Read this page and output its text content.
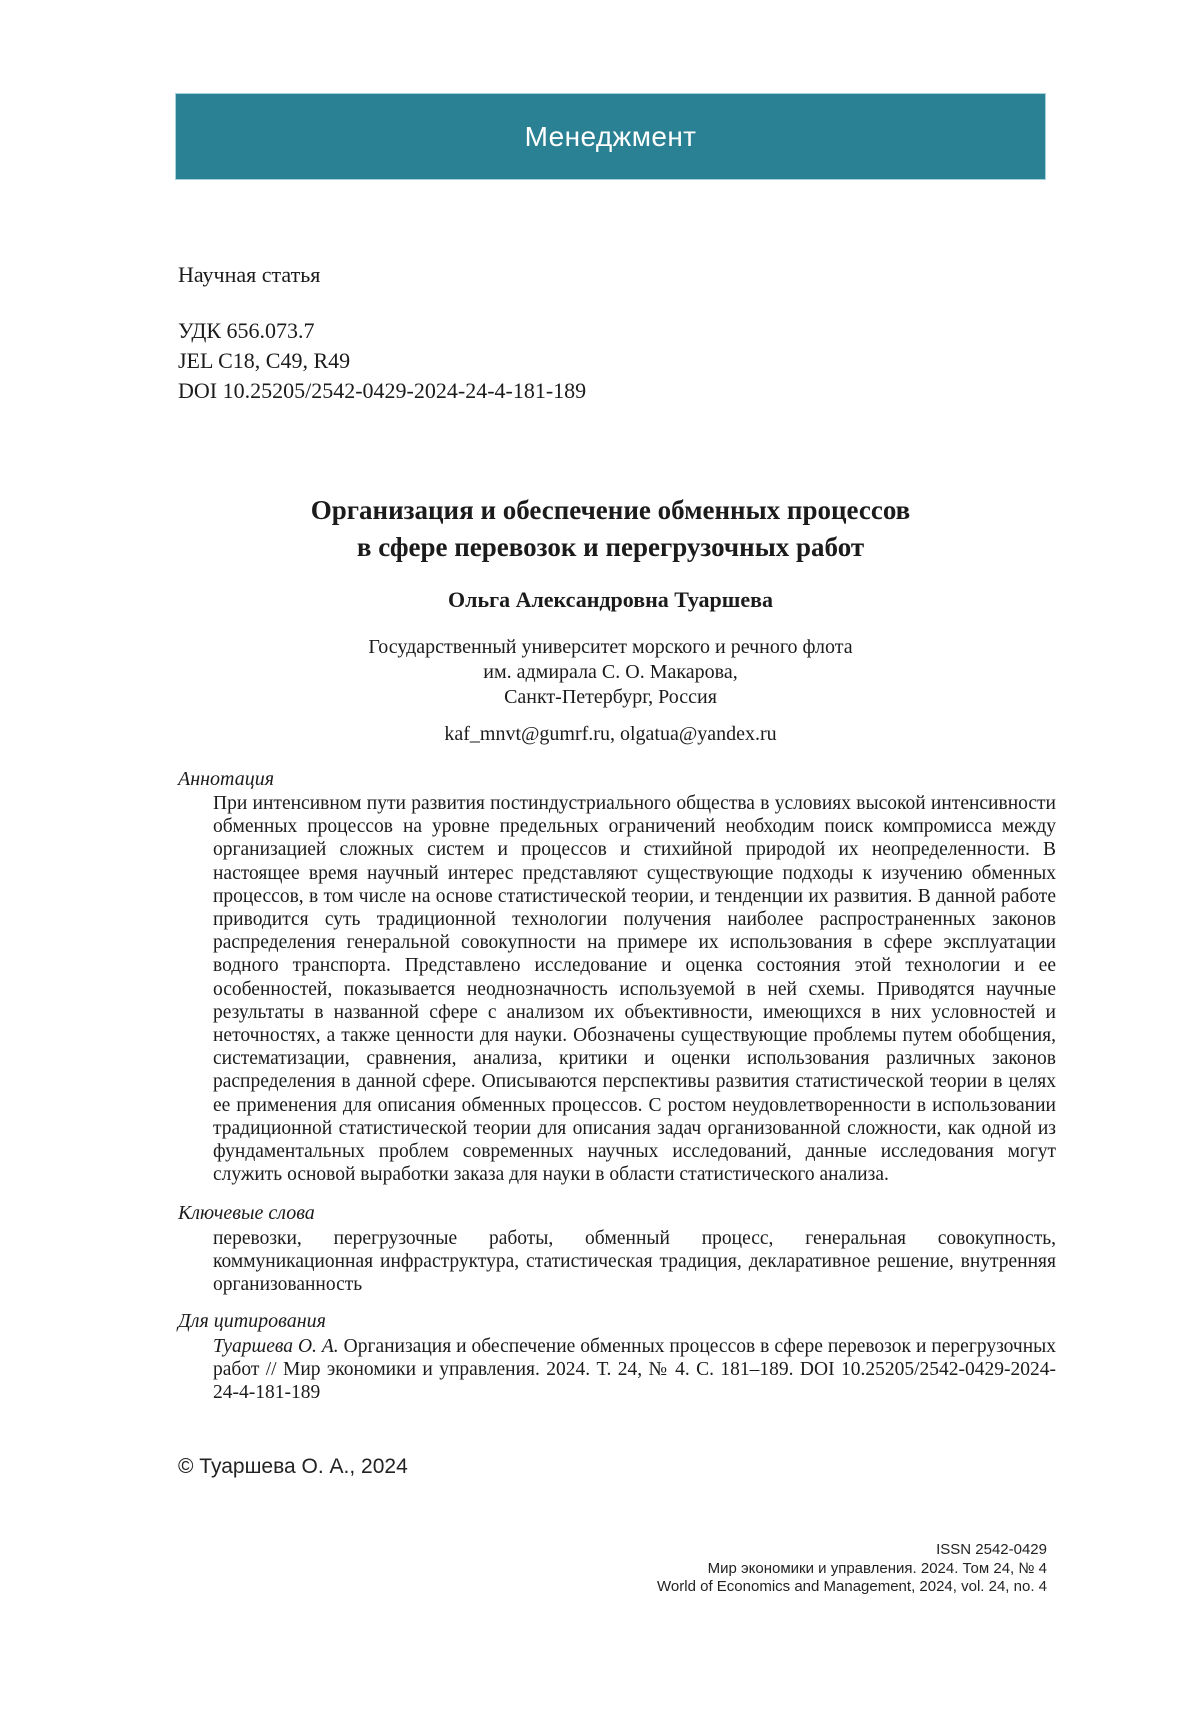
Менеджмент
Научная статья
УДК 656.073.7
JEL C18, C49, R49
DOI 10.25205/2542-0429-2024-24-4-181-189
Организация и обеспечение обменных процессов
в сфере перевозок и перегрузочных работ
Ольга Александровна Туаршева
Государственный университет морского и речного флота
им. адмирала С. О. Макарова,
Санкт-Петербург, Россия
kaf_mnvt@gumrf.ru, olgatua@yandex.ru
Аннотация

При интенсивном пути развития постиндустриального общества в условиях высокой интенсивности обменных процессов на уровне предельных ограничений необходим поиск компромисса между организацией сложных систем и процессов и стихийной природой их неопределенности. В настоящее время научный интерес представляют существующие подходы к изучению обменных процессов, в том числе на основе статистической теории, и тенденции их развития. В данной работе приводится суть традиционной технологии получения наиболее распространенных законов распределения генеральной совокупности на примере их использования в сфере эксплуатации водного транспорта. Представлено исследование и оценка состояния этой технологии и ее особенностей, показывается неоднозначность используемой в ней схемы. Приводятся научные результаты в названной сфере с анализом их объективности, имеющихся в них условностей и неточностях, а также ценности для науки. Обозначены существующие проблемы путем обобщения, систематизации, сравнения, анализа, критики и оценки использования различных законов распределения в данной сфере. Описываются перспективы развития статистической теории в целях ее применения для описания обменных процессов. С ростом неудовлетворенности в использовании традиционной статистической теории для описания задач организованной сложности, как одной из фундаментальных проблем современных научных исследований, данные исследования могут служить основой выработки заказа для науки в области статистического анализа.

Ключевые слова

перевозки, перегрузочные работы, обменный процесс, генеральная совокупность, коммуникационная инфраструктура, статистическая традиция, декларативное решение, внутренняя организованность

Для цитирования

Туаршева О. А. Организация и обеспечение обменных процессов в сфере перевозок и перегрузочных работ // Мир экономики и управления. 2024. Т. 24, № 4. С. 181–189. DOI 10.25205/2542-0429-2024-24-4-181-189

© Туаршева О. А., 2024
ISSN 2542-0429
Мир экономики и управления. 2024. Том 24, № 4
World of Economics and Management, 2024, vol. 24, no. 4
